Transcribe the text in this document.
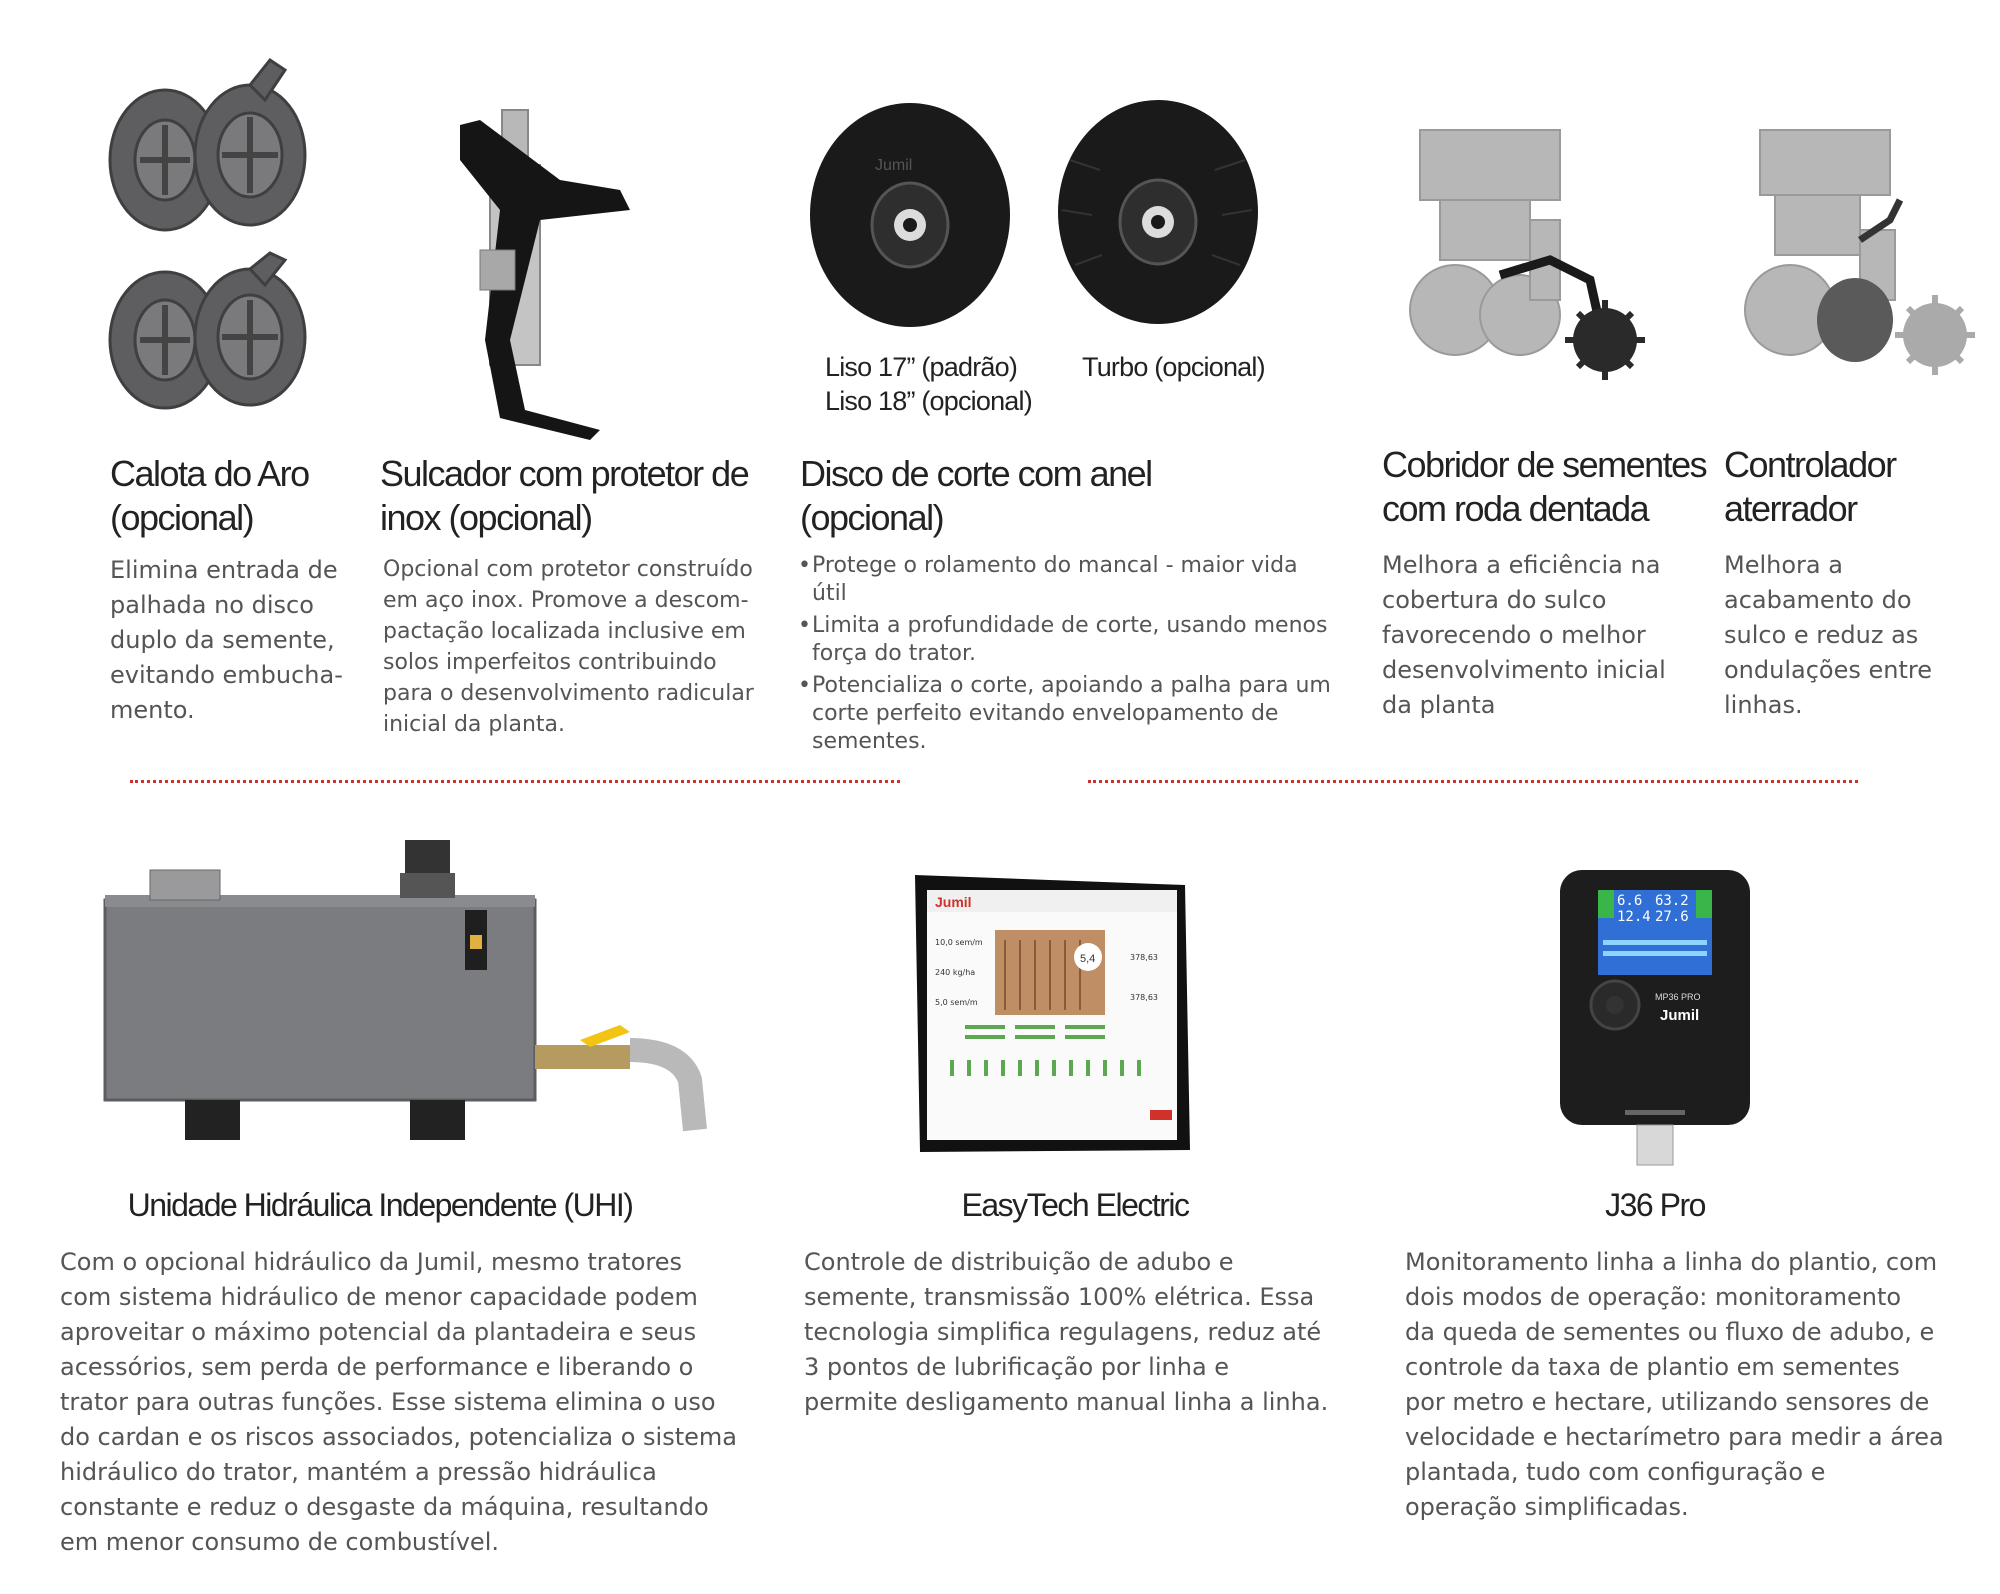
Jumil
Liso 17” (padrão)
Liso 18” (opcional)
Turbo (opcional)
Calota do Aro
(opcional)
Elimina entrada de
palhada no disco
duplo da semente,
evitando embucha-
mento.
Sulcador com protetor de
inox (opcional)
Opcional com protetor construído
em aço inox. Promove a descom-
pactação localizada inclusive em
solos imperfeitos contribuindo
para o desenvolvimento radicular
inicial da planta.
Disco de corte com anel
(opcional)
• Protege o rolamento do mancal - maior vida útil
• Limita a profundidade de corte, usando menos
força do trator.
• Potencializa o corte, apoiando a palha para um
corte perfeito evitando envelopamento de
sementes.
Cobridor de sementes
com roda dentada
Melhora a eficiência na
cobertura do sulco
favorecendo o melhor
desenvolvimento inicial
da planta
Controlador
aterrador
Melhora a
acabamento do
sulco e reduz as
ondulações entre
linhas.
Jumil
5,4
10,0 sem/m
240 kg/ha
5,0 sem/m
378,63
378,63
6.6 63.2
12.4 27.6
MP36 PRO
Jumil
Unidade Hidráulica Independente (UHI)
Com o opcional hidráulico da Jumil, mesmo tratores
com sistema hidráulico de menor capacidade podem
aproveitar o máximo potencial da plantadeira e seus
acessórios, sem perda de performance e liberando o
trator para outras funções. Esse sistema elimina o uso
do cardan e os riscos associados, potencializa o sistema
hidráulico do trator, mantém a pressão hidráulica
constante e reduz o desgaste da máquina, resultando
em menor consumo de combustível.
EasyTech Electric
Controle de distribuição de adubo e
semente, transmissão 100% elétrica. Essa
tecnologia simplifica regulagens, reduz até
3 pontos de lubrificação por linha e
permite desligamento manual linha a linha.
J36 Pro
Monitoramento linha a linha do plantio, com
dois modos de operação: monitoramento
da queda de sementes ou fluxo de adubo, e
controle da taxa de plantio em sementes
por metro e hectare, utilizando sensores de
velocidade e hectarímetro para medir a área
plantada, tudo com configuração e
operação simplificadas.
